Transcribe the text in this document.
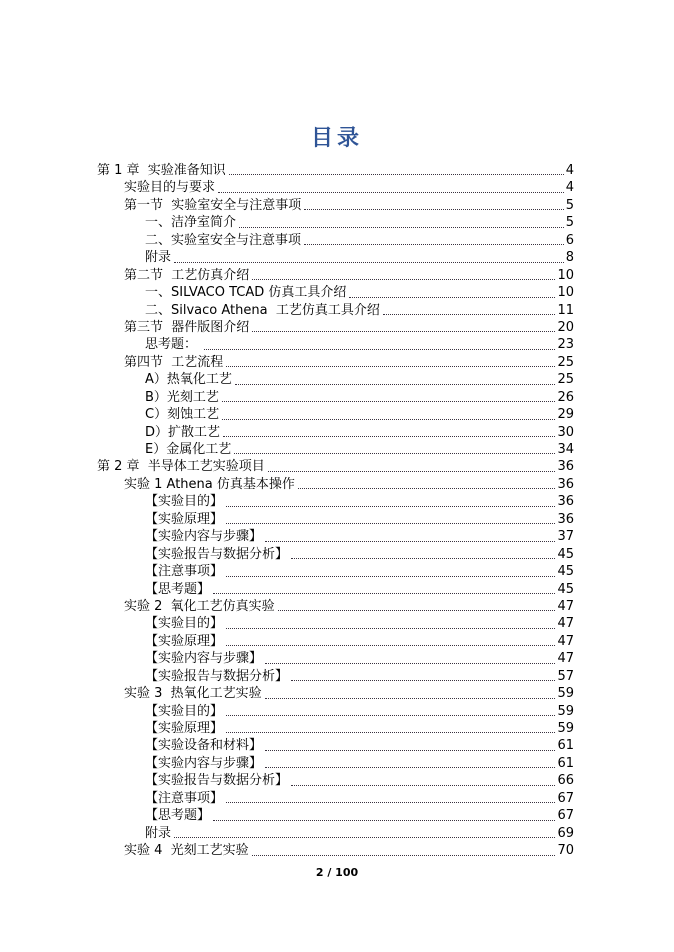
目录
第 1 章  实验准备知识	4
实验目的与要求	4
第一节  实验室安全与注意事项	5
一、洁净室简介	5
二、实验室安全与注意事项	6
附录	8
第二节  工艺仿真介绍	10
一、SILVACO TCAD 仿真工具介绍	10
二、Silvaco Athena  工艺仿真工具介绍	11
第三节  器件版图介绍	20
思考题：	23
第四节  工艺流程	25
A）热氧化工艺	25
B）光刻工艺	26
C）刻蚀工艺	29
D）扩散工艺	30
E）金属化工艺	34
第 2 章  半导体工艺实验项目	36
实验 1 Athena 仿真基本操作	36
【实验目的】	36
【实验原理】	36
【实验内容与步骤】	37
【实验报告与数据分析】	45
【注意事项】	45
【思考题】	45
实验 2  氧化工艺仿真实验	47
【实验目的】	47
【实验原理】	47
【实验内容与步骤】	47
【实验报告与数据分析】	57
实验 3  热氧化工艺实验	59
【实验目的】	59
【实验原理】	59
【实验设备和材料】	61
【实验内容与步骤】	61
【实验报告与数据分析】	66
【注意事项】	67
【思考题】	67
附录	69
实验 4  光刻工艺实验	70
2 / 100
